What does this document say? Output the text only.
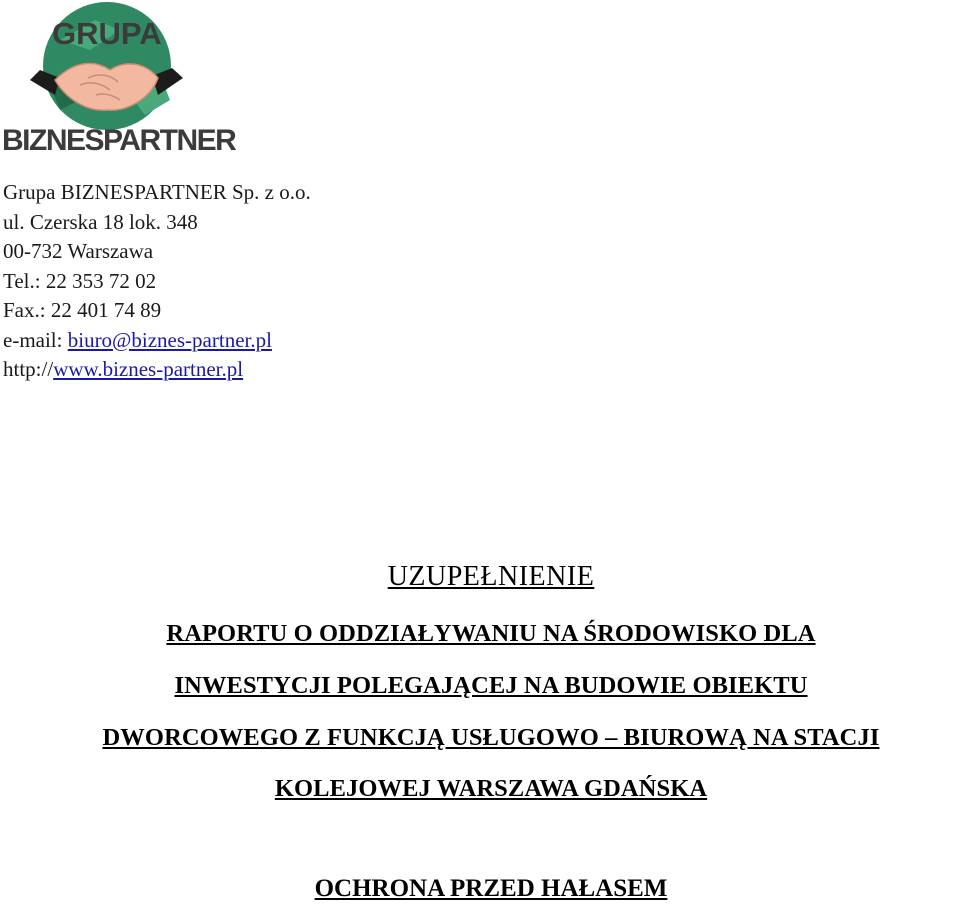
GRUPA
BIZNESPARTNER
Grupa BIZNESPARTNER Sp. z o.o.
ul. Czerska 18 lok. 348
00-732 Warszawa
Tel.: 22 353 72 02
Fax.: 22 401 74 89
e-mail: biuro@biznes-partner.pl
http://www.biznes-partner.pl
UZUPEŁNIENIE
RAPORTU O ODDZIAŁYWANIU NA ŚRODOWISKO DLA
INWESTYCJI POLEGAJĄCEJ NA BUDOWIE OBIEKTU
DWORCOWEGO Z FUNKCJĄ USŁUGOWO – BIUROWĄ NA STACJI
KOLEJOWEJ WARSZAWA GDAŃSKA
OCHRONA PRZED HAŁASEM
